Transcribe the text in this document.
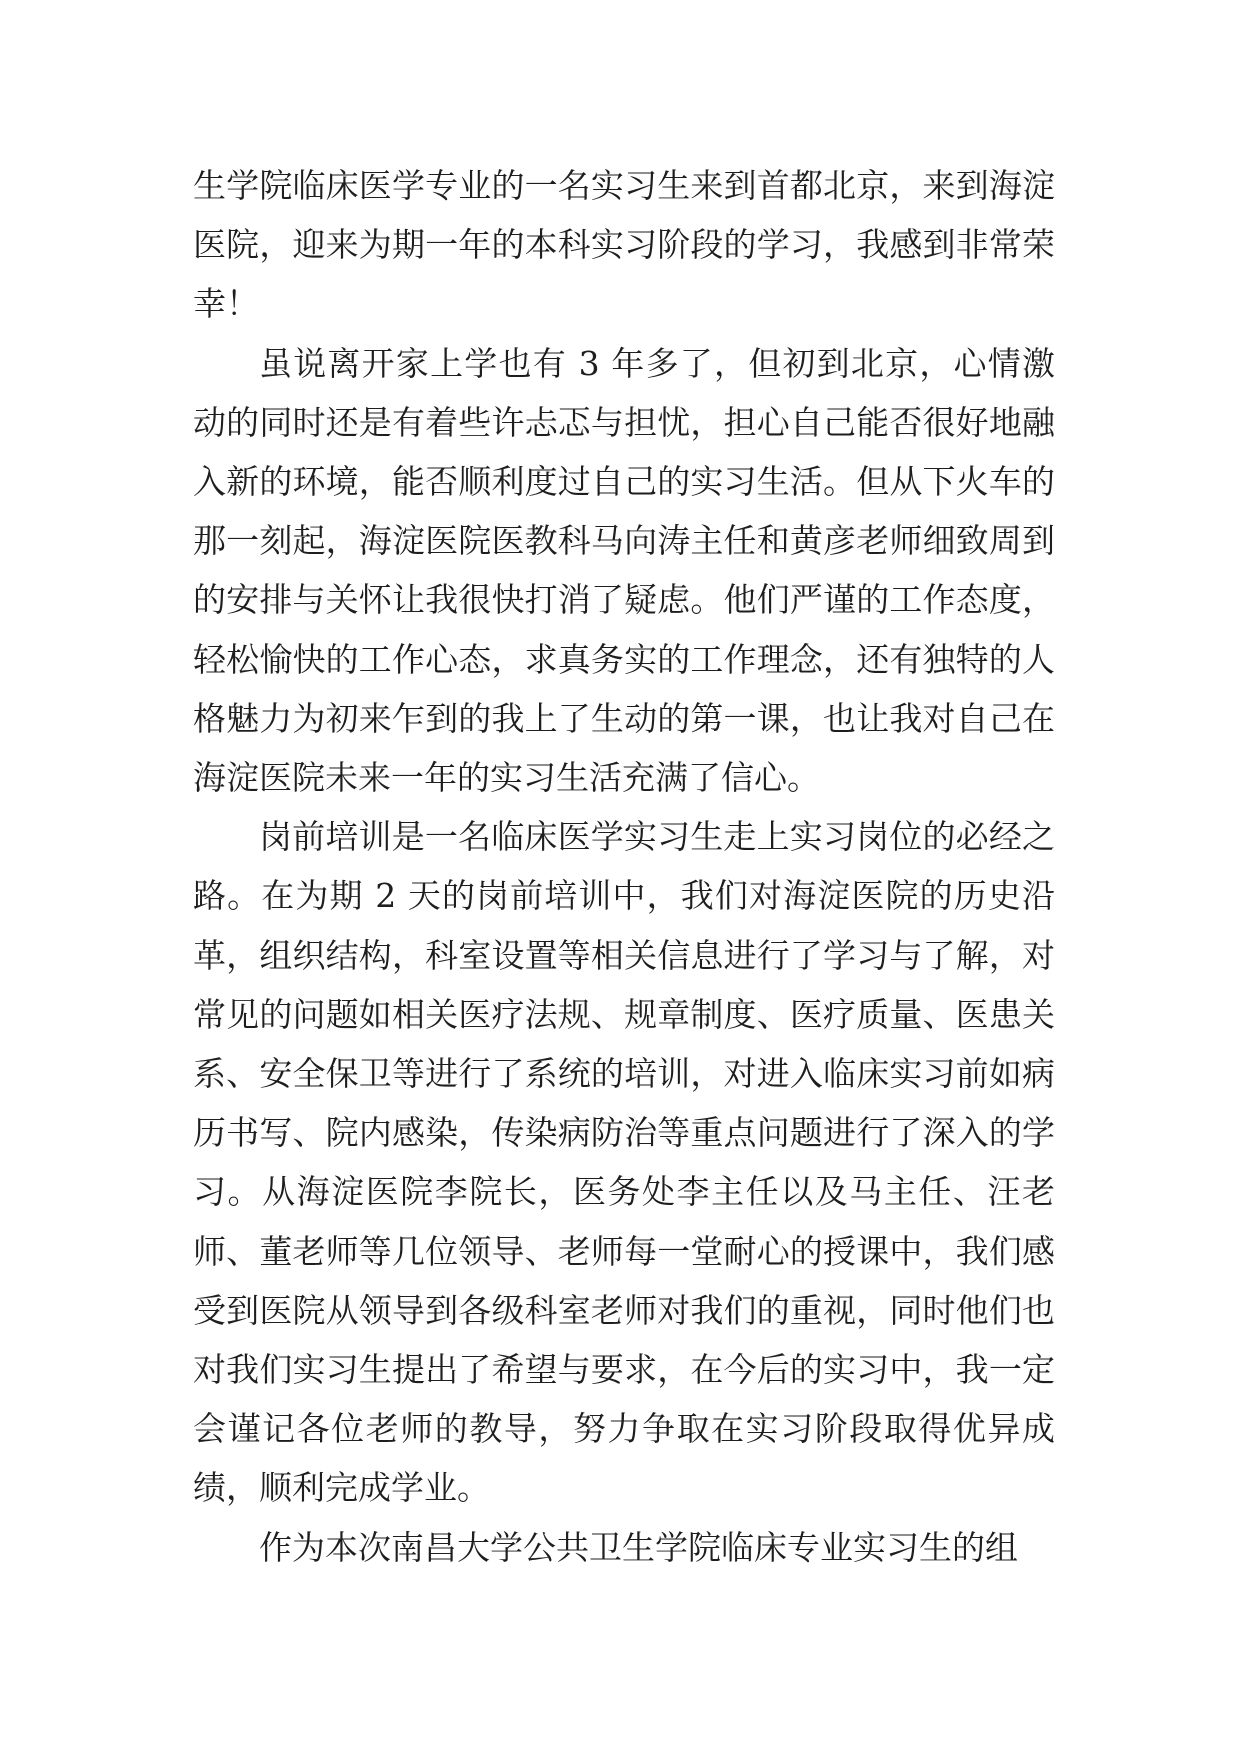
生学院临床医学专业的一名实习生来到首都北京，来到海淀医院，迎来为期一年的本科实习阶段的学习，我感到非常荣幸！

虽说离开家上学也有 3 年多了，但初到北京，心情激动的同时还是有着些许忐忑与担忧，担心自己能否很好地融入新的环境，能否顺利度过自己的实习生活。但从下火车的那一刻起，海淀医院医教科马向涛主任和黄彦老师细致周到的安排与关怀让我很快打消了疑虑。他们严谨的工作态度，轻松愉快的工作心态，求真务实的工作理念，还有独特的人格魅力为初来乍到的我上了生动的第一课，也让我对自己在海淀医院未来一年的实习生活充满了信心。

岗前培训是一名临床医学实习生走上实习岗位的必经之路。在为期 2 天的岗前培训中，我们对海淀医院的历史沿革，组织结构，科室设置等相关信息进行了学习与了解，对常见的问题如相关医疗法规、规章制度、医疗质量、医患关系、安全保卫等进行了系统的培训，对进入临床实习前如病历书写、院内感染，传染病防治等重点问题进行了深入的学习。从海淀医院李院长，医务处李主任以及马主任、汪老师、董老师等几位领导、老师每一堂耐心的授课中，我们感受到医院从领导到各级科室老师对我们的重视，同时他们也对我们实习生提出了希望与要求，在今后的实习中，我一定会谨记各位老师的教导，努力争取在实习阶段取得优异成绩，顺利完成学业。

作为本次南昌大学公共卫生学院临床专业实习生的组
